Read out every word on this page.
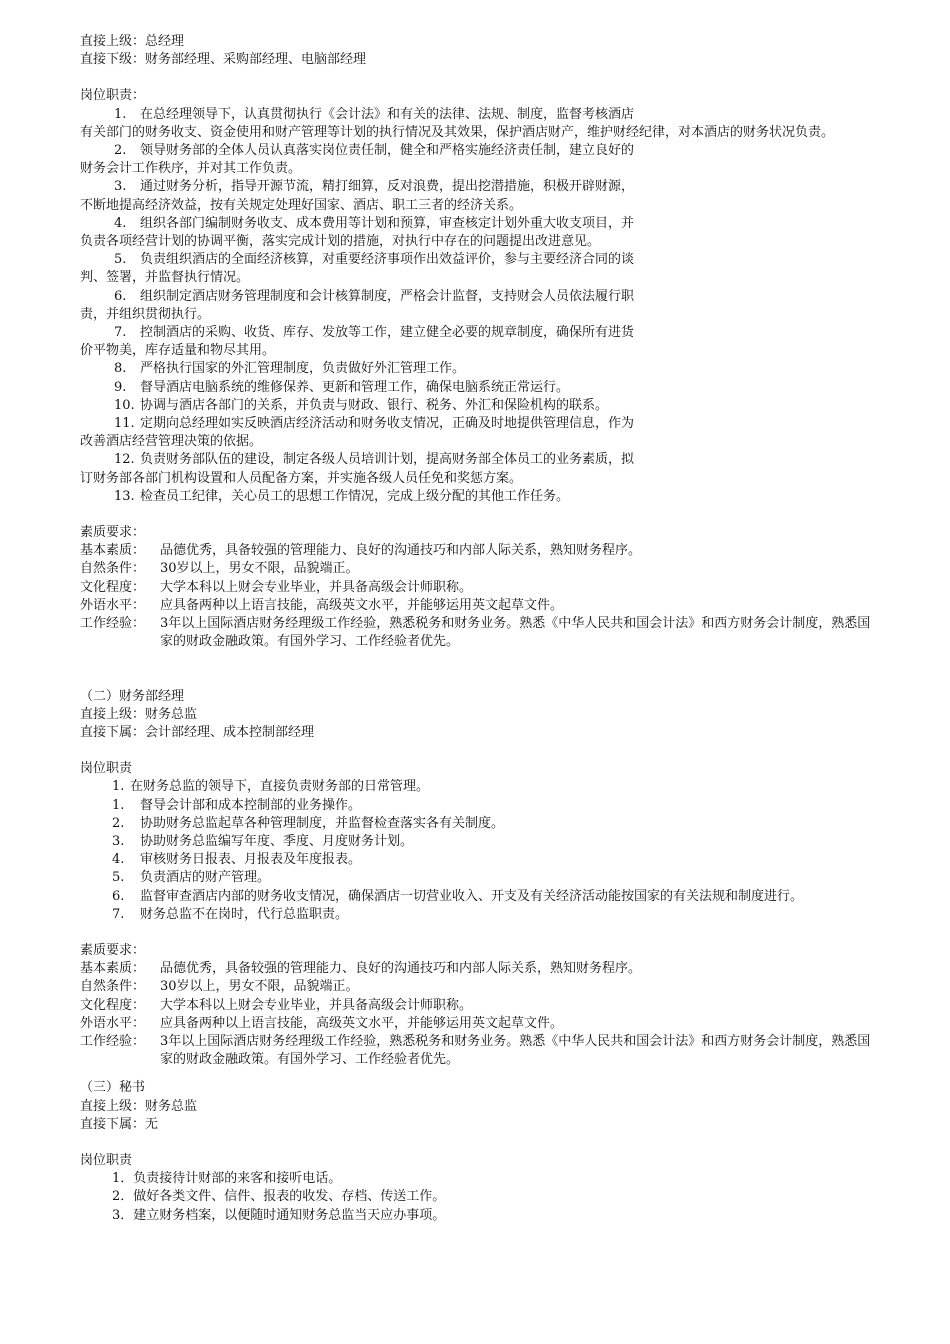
直接上级：总经理
直接下级：财务部经理、采购部经理、电脑部经理
岗位职责：
1. 在总经理领导下，认真贯彻执行《会计法》和有关的法律、法规、制度，监督考核酒店
有关部门的财务收支、资金使用和财产管理等计划的执行情况及其效果，保护酒店财产，维护财经纪律，对本酒店的财务状况负责。
2. 领导财务部的全体人员认真落实岗位责任制，健全和严格实施经济责任制，建立良好的
财务会计工作秩序，并对其工作负责。
3. 通过财务分析，指导开源节流，精打细算，反对浪费，提出挖潜措施，积极开辟财源，
不断地提高经济效益，按有关规定处理好国家、酒店、职工三者的经济关系。
4. 组织各部门编制财务收支、成本费用等计划和预算，审查核定计划外重大收支项目，并
负责各项经营计划的协调平衡，落实完成计划的措施，对执行中存在的问题提出改进意见。
5. 负责组织酒店的全面经济核算，对重要经济事项作出效益评价，参与主要经济合同的谈
判、签署，并监督执行情况。
6. 组织制定酒店财务管理制度和会计核算制度，严格会计监督，支持财会人员依法履行职
责，并组织贯彻执行。
7. 控制酒店的采购、收货、库存、发放等工作，建立健全必要的规章制度，确保所有进货
价平物美，库存适量和物尽其用。
8. 严格执行国家的外汇管理制度，负责做好外汇管理工作。
9. 督导酒店电脑系统的维修保养、更新和管理工作，确保电脑系统正常运行。
10. 协调与酒店各部门的关系，并负责与财政、银行、税务、外汇和保险机构的联系。
11. 定期向总经理如实反映酒店经济活动和财务收支情况，正确及时地提供管理信息，作为
改善酒店经营管理决策的依据。
12. 负责财务部队伍的建设，制定各级人员培训计划，提高财务部全体员工的业务素质，拟
订财务部各部门机构设置和人员配备方案，并实施各级人员任免和奖惩方案。
13. 检查员工纪律，关心员工的思想工作情况，完成上级分配的其他工作任务。
素质要求：
基本素质：	品德优秀，具备较强的管理能力、良好的沟通技巧和内部人际关系，熟知财务程序。
自然条件：	30岁以上，男女不限，品貌端正。
文化程度：	大学本科以上财会专业毕业，并具备高级会计师职称。
外语水平：	应具备两种以上语言技能，高级英文水平，并能够运用英文起草文件。
工作经验：	3年以上国际酒店财务经理级工作经验，熟悉税务和财务业务。熟悉《中华人民共和国会计法》和西方财务会计制度，熟悉国家的财政金融政策。有国外学习、工作经验者优先。
（二）财务部经理
直接上级：财务总监
直接下属：会计部经理、成本控制部经理
岗位职责
1. 在财务总监的领导下，直接负责财务部的日常管理。
1.	督导会计部和成本控制部的业务操作。
2.	协助财务总监起草各种管理制度，并监督检查落实各有关制度。
3.	协助财务总监编写年度、季度、月度财务计划。
4.	审核财务日报表、月报表及年度报表。
5.	负责酒店的财产管理。
6.	监督审查酒店内部的财务收支情况，确保酒店一切营业收入、开支及有关经济活动能按国家的有关法规和制度进行。
7.	财务总监不在岗时，代行总监职责。
素质要求：
基本素质：	品德优秀，具备较强的管理能力、良好的沟通技巧和内部人际关系，熟知财务程序。
自然条件：	30岁以上，男女不限，品貌端正。
文化程度：	大学本科以上财会专业毕业，并具备高级会计师职称。
外语水平：	应具备两种以上语言技能，高级英文水平，并能够运用英文起草文件。
工作经验：	3年以上国际酒店财务经理级工作经验，熟悉税务和财务业务。熟悉《中华人民共和国会计法》和西方财务会计制度，熟悉国家的财政金融政策。有国外学习、工作经验者优先。
（三）秘书
直接上级：财务总监
直接下属：无
岗位职责
1．负责接待计财部的来客和接听电话。
2．做好各类文件、信件、报表的收发、存档、传送工作。
3．建立财务档案，以便随时通知财务总监当天应办事项。
